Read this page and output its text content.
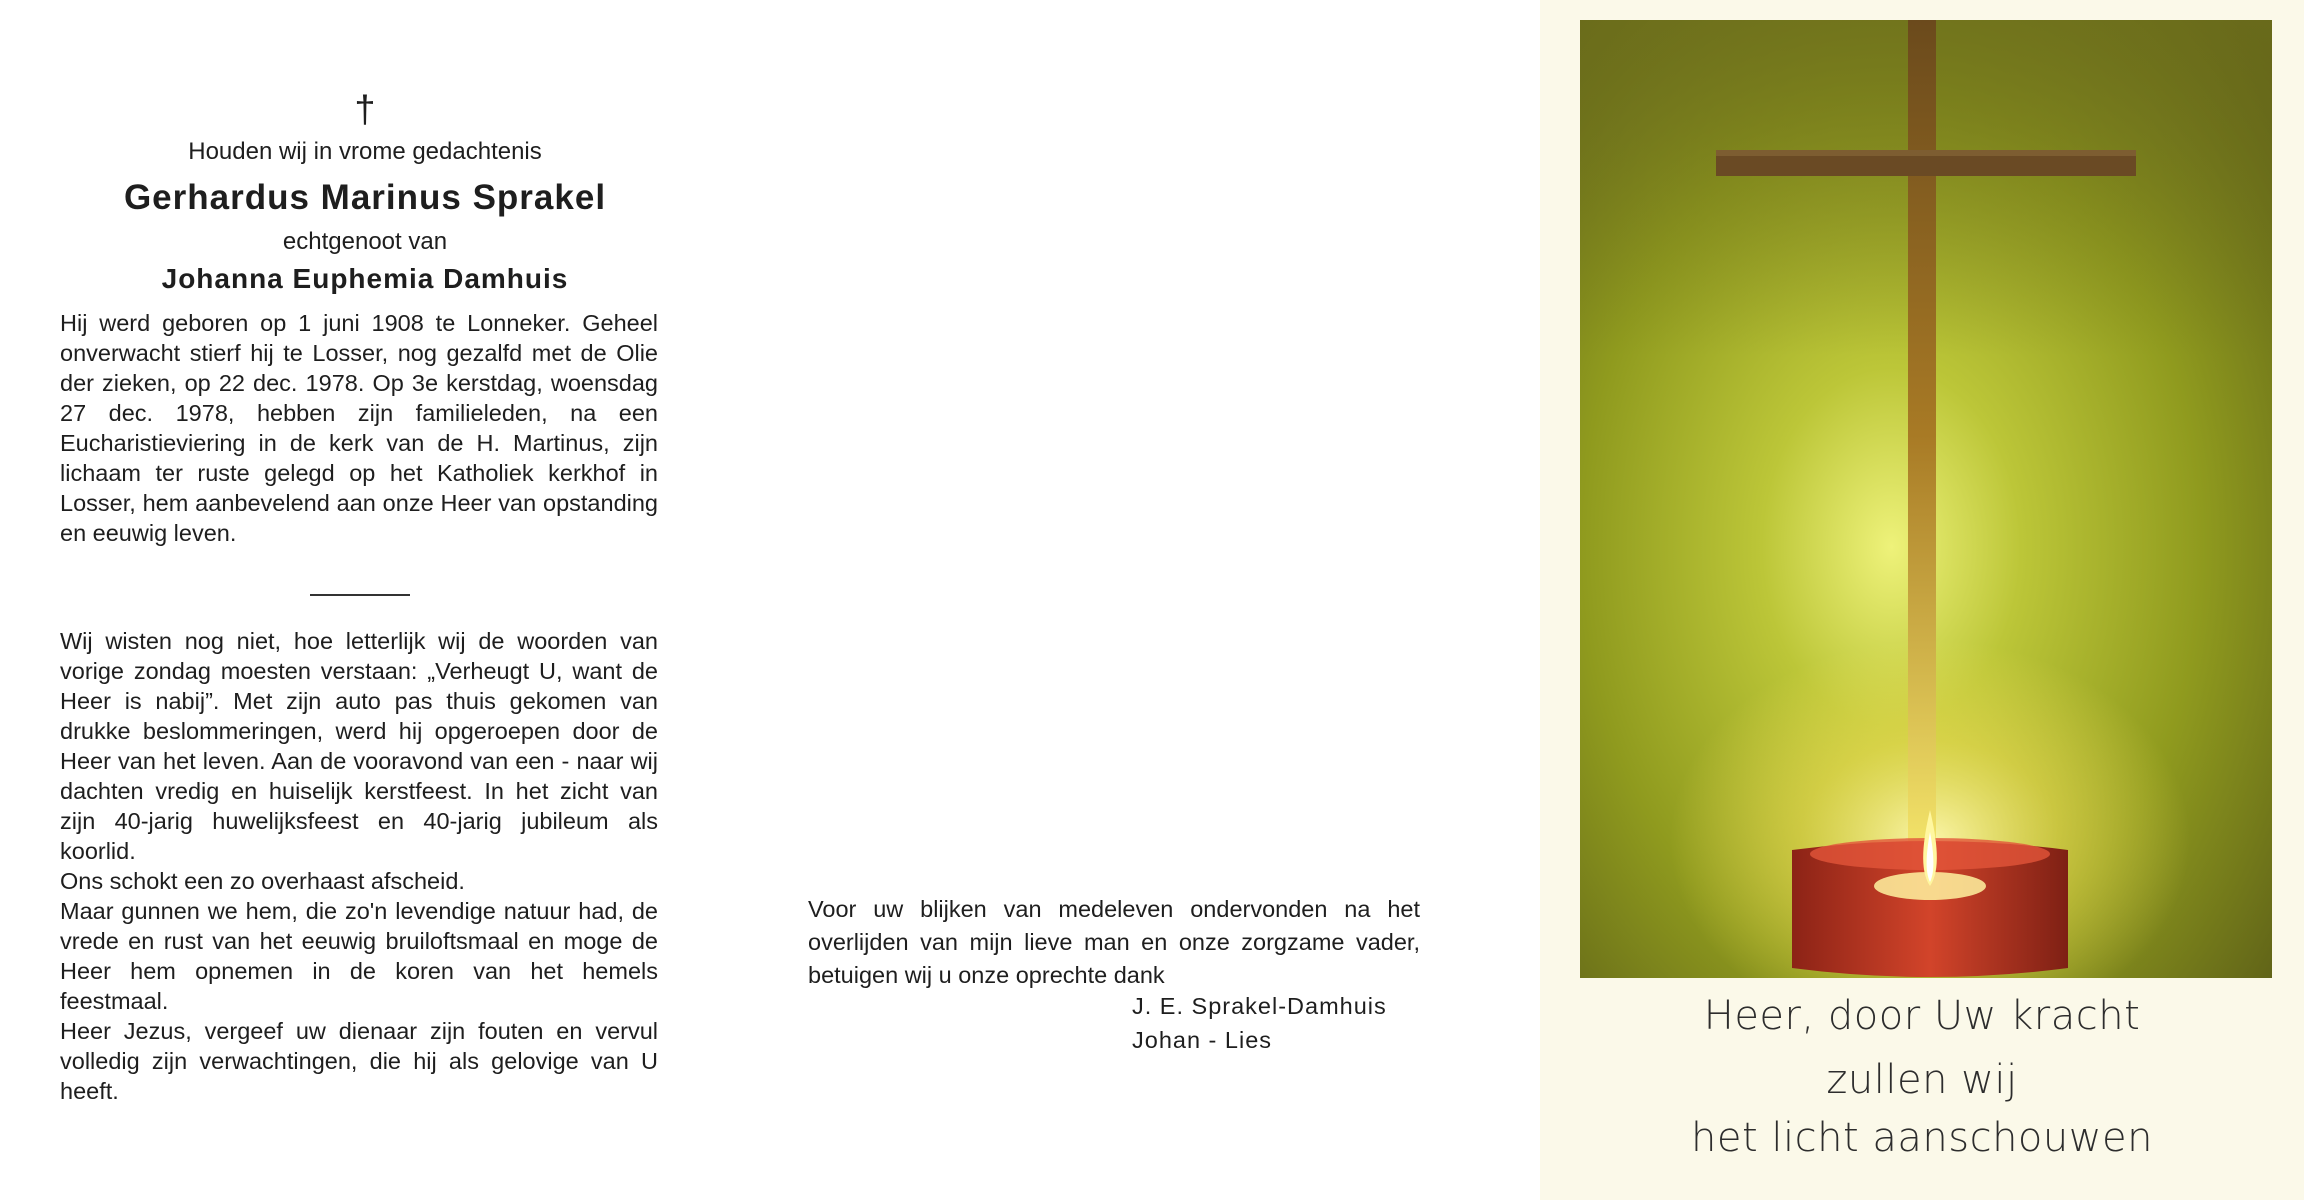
†
Houden wij in vrome gedachtenis
Gerhardus Marinus Sprakel
echtgenoot van
Johanna Euphemia Damhuis

Hij werd geboren op 1 juni 1908 te Lonneker. Geheel onverwacht stierf hij te Losser, nog gezalfd met de Olie der zieken, op 22 dec. 1978. Op 3e kerstdag, woensdag 27 dec. 1978, hebben zijn familieleden, na een Eucharistieviering in de kerk van de H. Martinus, zijn lichaam ter ruste gelegd op het Katholiek kerkhof in Losser, hem aanbevelend aan onze Heer van opstanding en eeuwig leven.

Wij wisten nog niet, hoe letterlijk wij de woorden van vorige zondag moesten verstaan: „Verheugt U, want de Heer is nabij”. Met zijn auto pas thuis gekomen van drukke beslommeringen, werd hij opgeroepen door de Heer van het leven. Aan de vooravond van een - naar wij dachten vredig en huiselijk kerstfeest. In het zicht van zijn 40-jarig huwelijksfeest en 40-jarig jubileum als koorlid.

Ons schokt een zo overhaast afscheid.

Maar gunnen we hem, die zo'n levendige natuur had, de vrede en rust van het eeuwig bruiloftsmaal en moge de Heer hem opnemen in de koren van het hemels feestmaal.

Heer Jezus, vergeef uw dienaar zijn fouten en vervul volledig zijn verwachtingen, die hij als gelovige van U heeft.

Voor uw blijken van medeleven ondervonden na het overlijden van mijn lieve man en onze zorgzame vader, betuigen wij u onze oprechte dank

J. E. Sprakel-Damhuis
Johan - Lies
Heer, door Uw kracht
zullen wij
het licht aanschouwen
